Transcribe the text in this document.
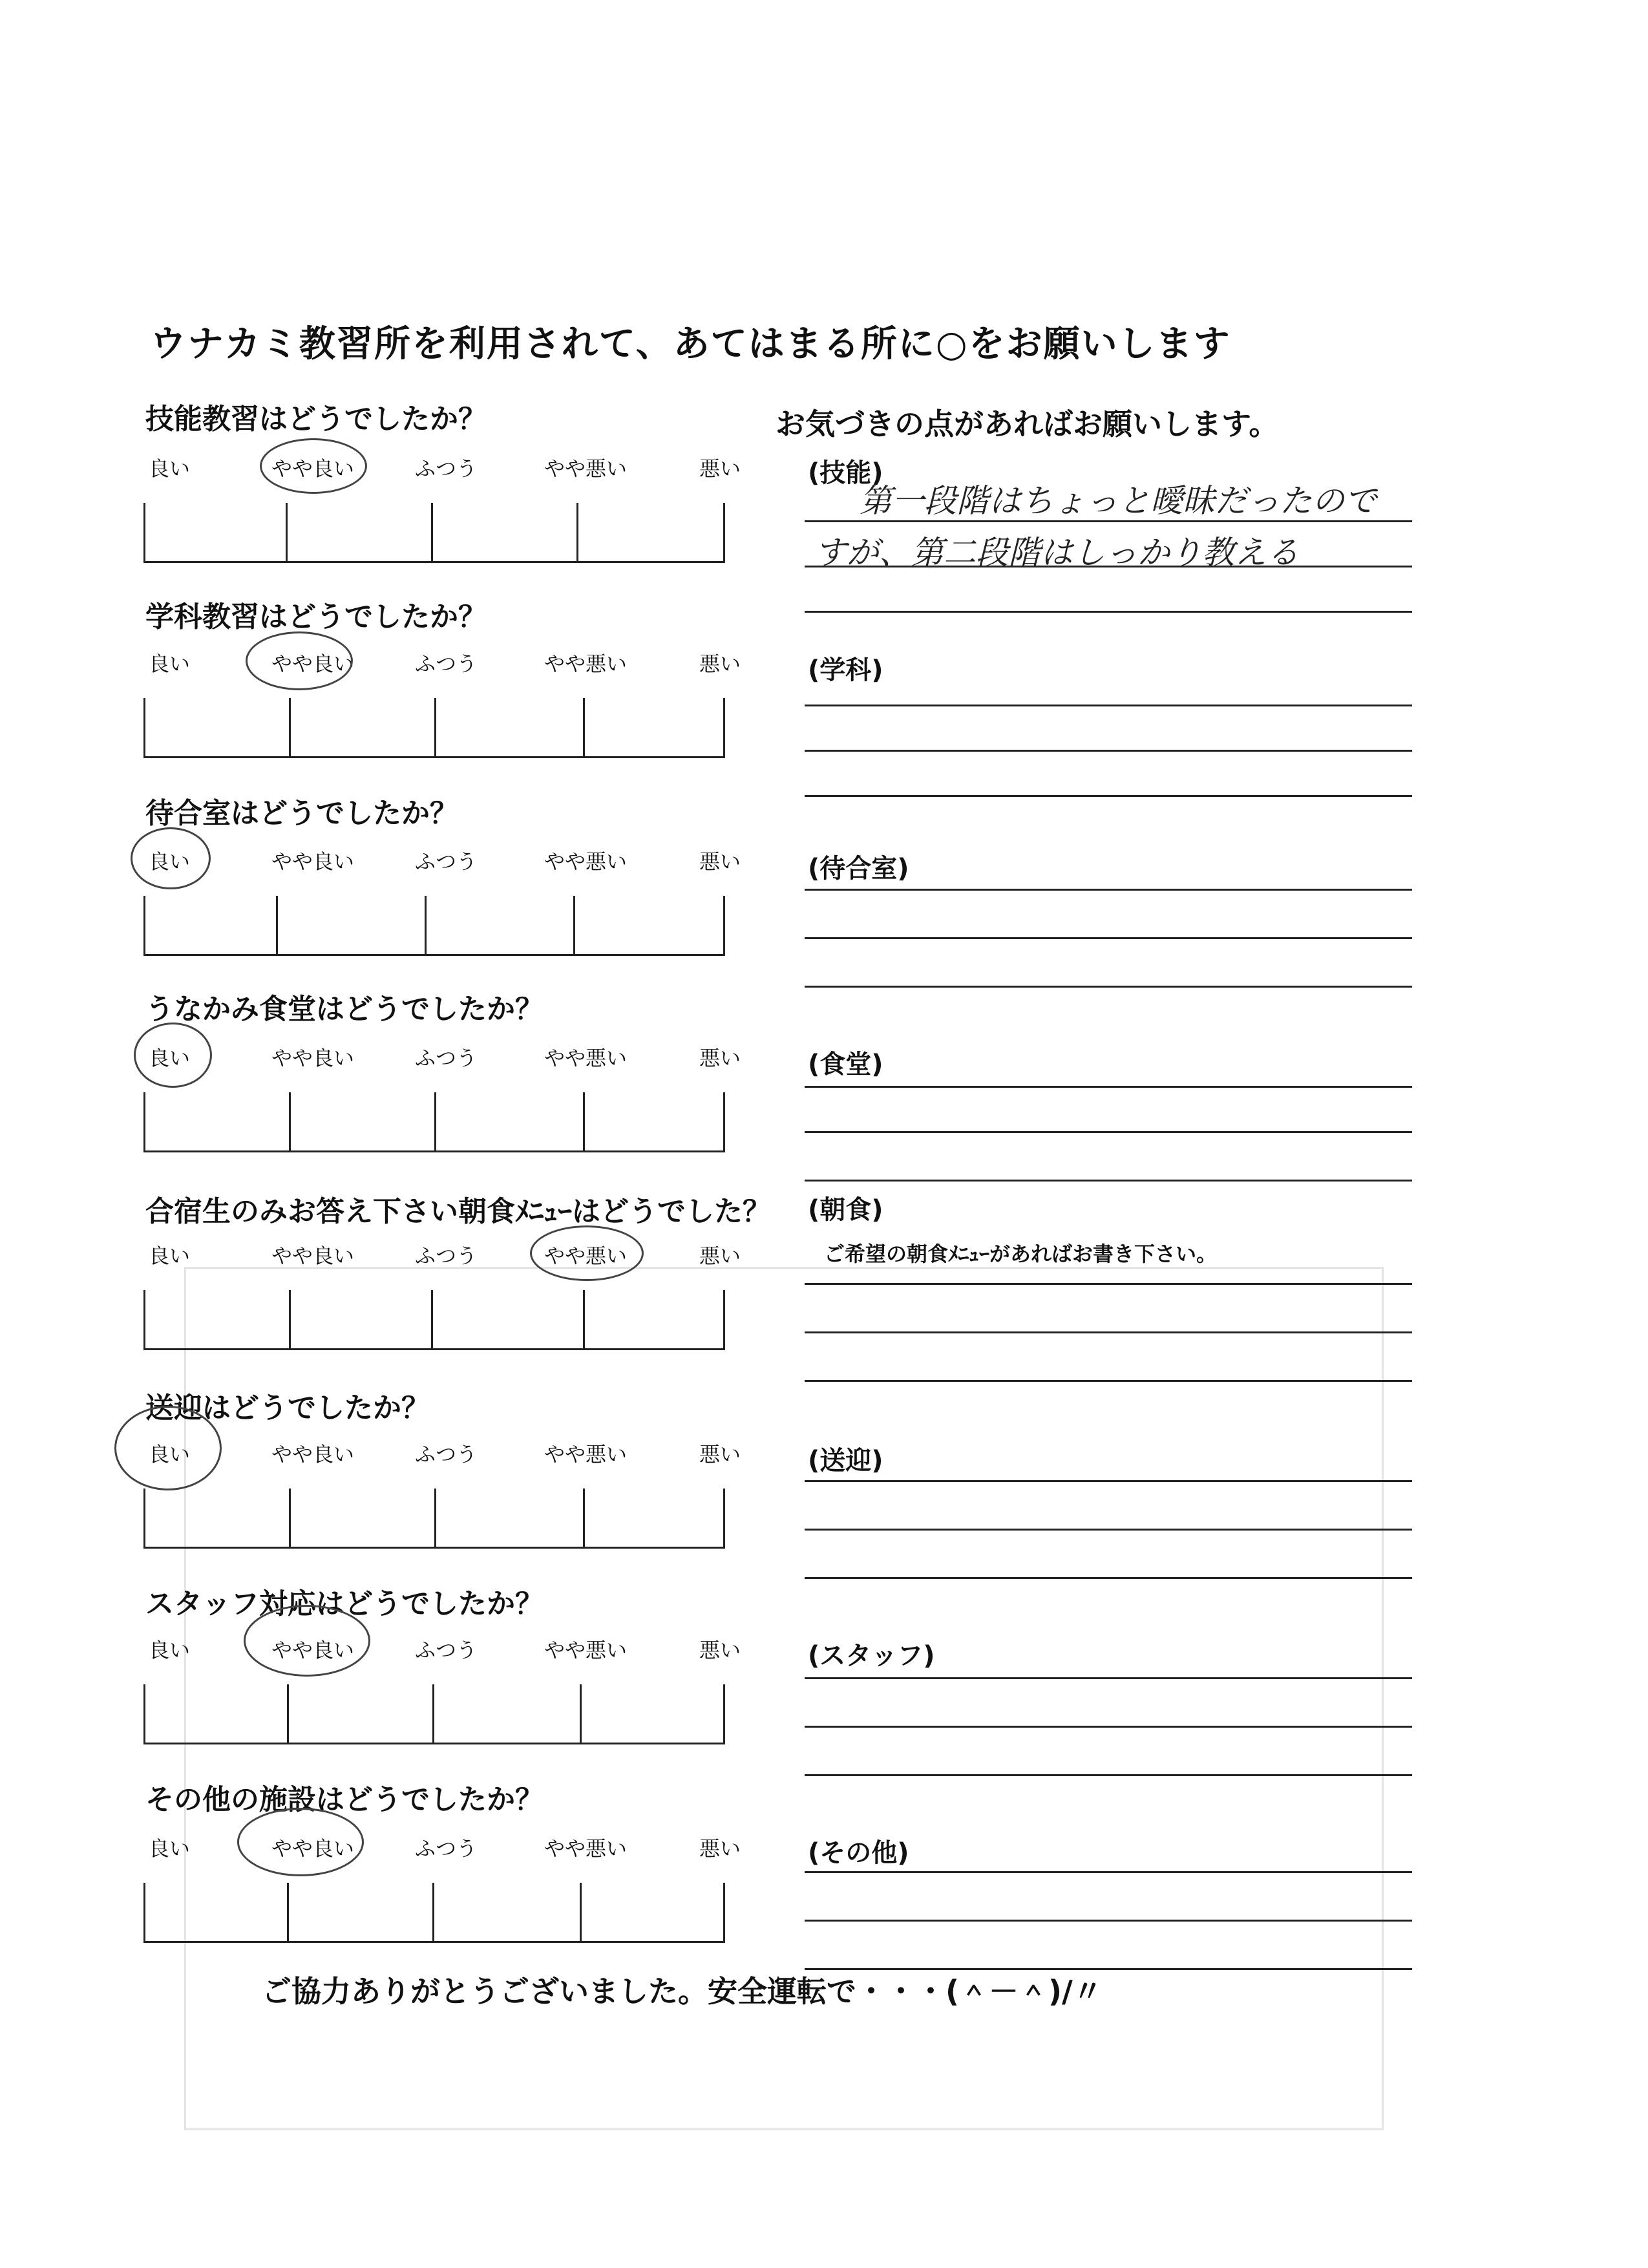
ウナカミ教習所を利用されて、あてはまる所に○をお願いします
お気づきの点があればお願いします。
技能教習はどうでしたか？
良い	やや良い	ふつう	やや悪い	悪い	(技能)
第一段階はちょっと曖昧だったので
すが、第二段階はしっかり教える
学科教習はどうでしたか？
良い	やや良い	ふつう	やや悪い	悪い	(学科)
待合室はどうでしたか？
良い	やや良い	ふつう	やや悪い	悪い	(待合室)
うなかみ食堂はどうでしたか？
良い	やや良い	ふつう	やや悪い	悪い	(食堂)
合宿生のみお答え下さい朝食ﾒﾆｭｰはどうでした？ (朝食)
良い	やや良い	ふつう	やや悪い	悪い	ご希望の朝食ﾒﾆｭｰがあればお書き下さい。
送迎はどうでしたか？
良い	やや良い	ふつう	やや悪い	悪い	(送迎)
スタッフ対応はどうでしたか？
良い	やや良い	ふつう	やや悪い	悪い	(スタッフ)
その他の施設はどうでしたか？
良い	やや良い	ふつう	やや悪い	悪い	(その他)
ご協力ありがとうございました。安全運転で・・・(＾－＾)/〃
